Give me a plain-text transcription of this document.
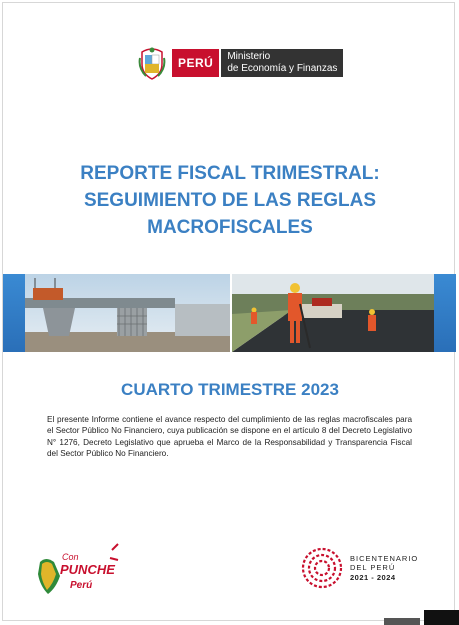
PERÚ	Ministerio
de Economía y Finanzas
REPORTE FISCAL TRIMESTRAL:
SEGUIMIENTO DE LAS REGLAS
MACROFISCALES
CUARTO TRIMESTRE 2023

El presente Informe contiene el avance respecto del cumplimiento de las reglas macrofiscales para el Sector Público No Financiero, cuya publicación se dispone en el artículo 8 del Decreto Legislativo N° 1276, Decreto Legislativo que aprueba el Marco de la Responsabilidad y Transparencia Fiscal del Sector Público No Financiero.

Con
PUNCHE
Perú
BICENTENARIO
DEL PERÚ
2021 - 2024
